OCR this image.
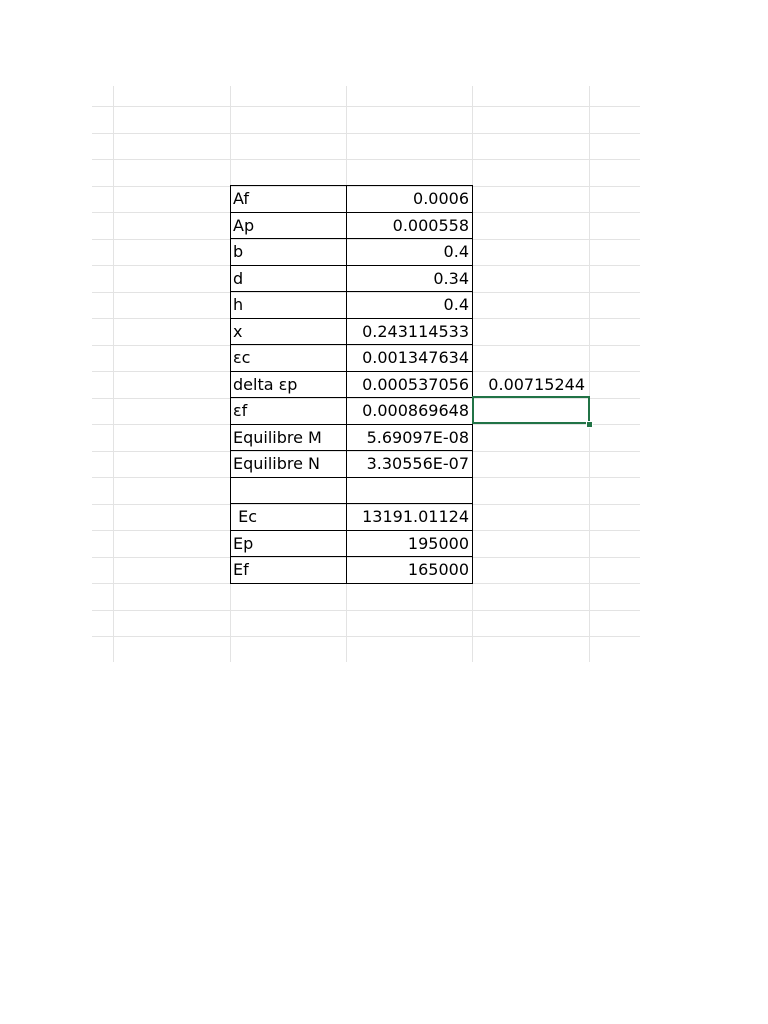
Af	0.0006
Ap	0.000558
b	0.4
d	0.34
h	0.4
x	0.243114533
εc	0.001347634
delta εp	0.000537056	0.00715244
εf	0.000869648
Equilibre M	5.69097E-08
Equilibre N	3.30556E-07
Ec	13191.01124
Ep	195000
Ef	165000
